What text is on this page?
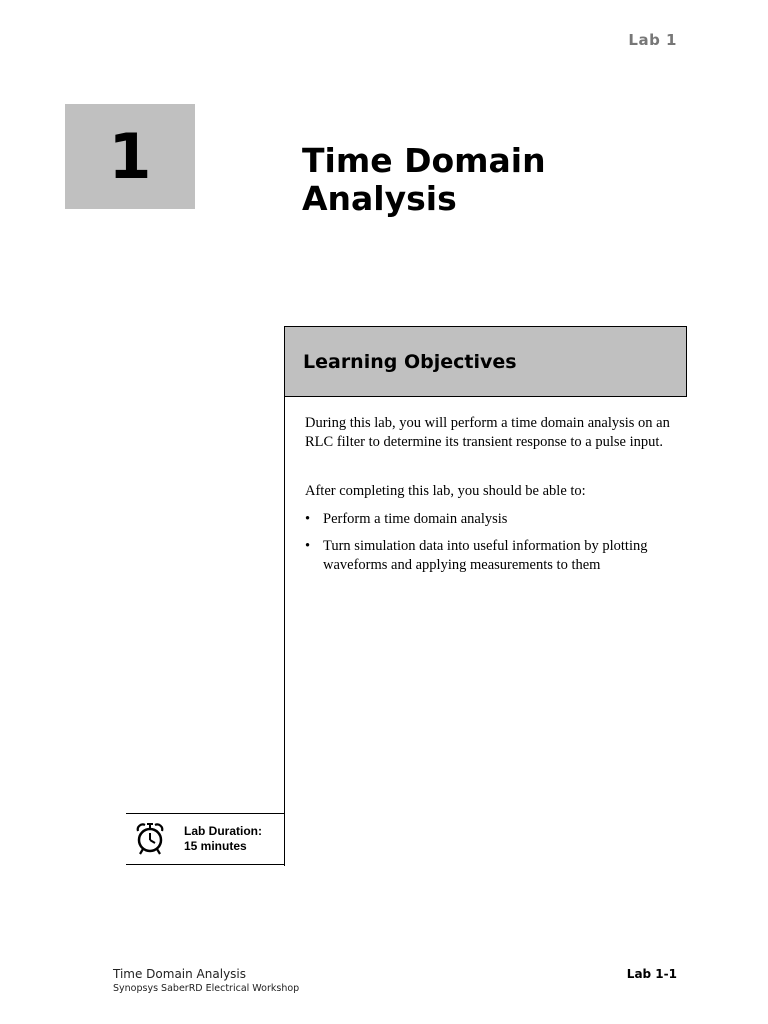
Lab 1
1	Time Domain
Analysis
Learning Objectives

During this lab, you will perform a time domain analysis on an RLC filter to determine its transient response to a pulse input.

After completing this lab, you should be able to:

• Perform a time domain analysis
• Turn simulation data into useful information by plotting waveforms and applying measurements to them
Lab Duration:
15 minutes
Time Domain Analysis
Synopsys SaberRD Electrical Workshop
Lab 1-1
